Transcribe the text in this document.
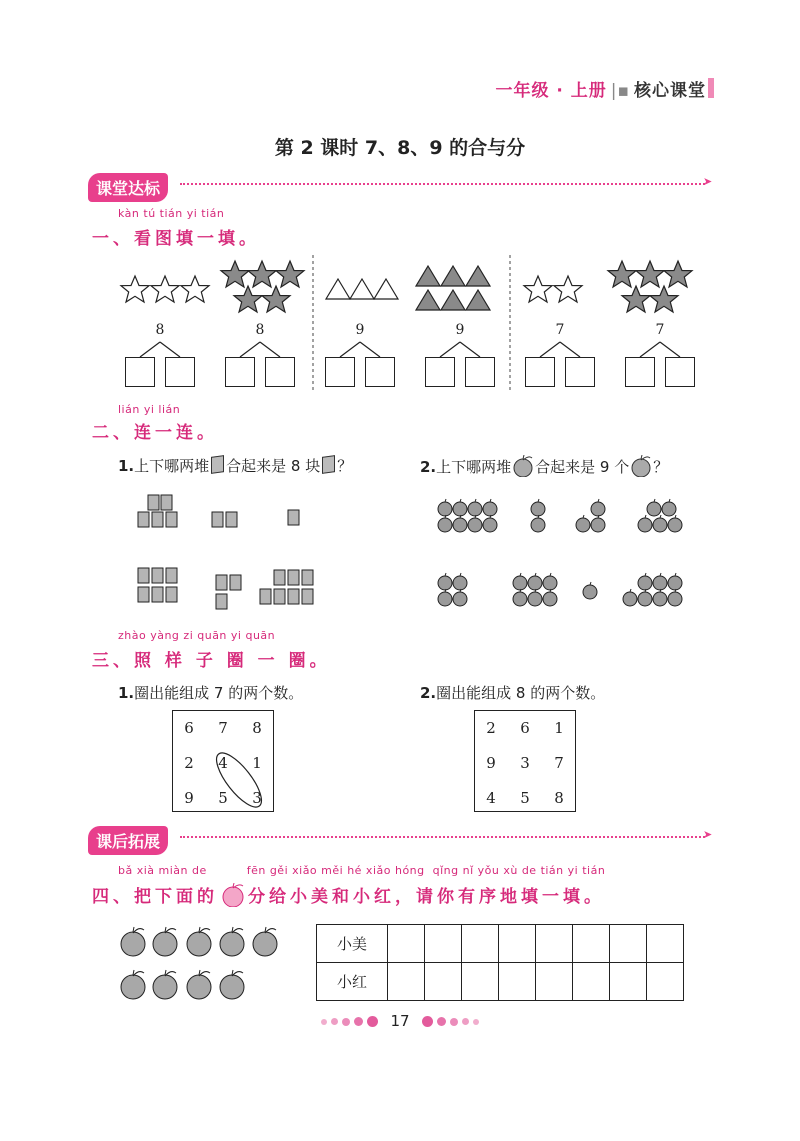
一年级 · 上册 |▪ 核心课堂
第 2 课时 7、8、9 的合与分
课堂达标	➤
kàn tú tián yi tián
一、看图填一填。
8	8	9	9	7	7
lián yi lián
二、连一连。
1.上下哪两堆 合起来是 8 块 ？	2.上下哪两堆 合起来是 9 个 ？
zhào yàng zi quān yi quān
三、照 样 子 圈 一 圈。
1.圈出能组成 7 的两个数。	2.圈出能组成 8 的两个数。
6	7	8
2	4	1
9	5	3
2	6	1
9	3	7
4	5	8
课后拓展	➤
bǎ xià miàn de          fēn gěi xiǎo měi hé xiǎo hóng  qǐng nǐ yǒu xù de tián yi tián
四、把下面的 分给小美和小红，请你有序地填一填。
小美								
小红								
17
